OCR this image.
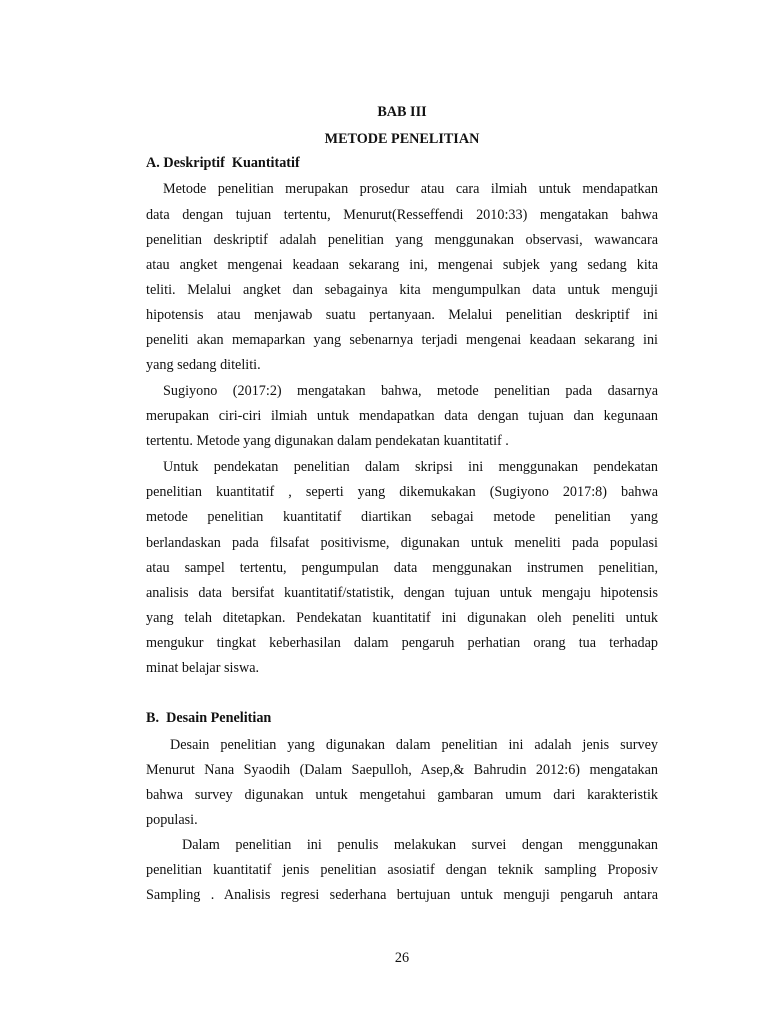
BAB III
METODE PENELITIAN
A. Deskriptif  Kuantitatif
Metode penelitian merupakan prosedur atau cara ilmiah untuk mendapatkan
data dengan tujuan tertentu, Menurut(Resseffendi 2010:33) mengatakan bahwa
penelitian deskriptif adalah penelitian yang menggunakan observasi, wawancara
atau angket mengenai keadaan sekarang ini, mengenai subjek yang sedang kita
teliti. Melalui angket dan sebagainya kita mengumpulkan data untuk menguji
hipotensis atau menjawab suatu pertanyaan. Melalui penelitian deskriptif ini
peneliti akan memaparkan yang sebenarnya terjadi mengenai keadaan sekarang ini
yang sedang diteliti.
Sugiyono (2017:2) mengatakan bahwa, metode penelitian pada dasarnya
merupakan ciri-ciri ilmiah untuk mendapatkan data dengan tujuan dan kegunaan
tertentu. Metode yang digunakan dalam pendekatan kuantitatif .
Untuk pendekatan penelitian dalam skripsi ini menggunakan pendekatan
penelitian kuantitatif , seperti yang dikemukakan (Sugiyono 2017:8) bahwa
metode penelitian kuantitatif diartikan sebagai metode penelitian yang
berlandaskan pada filsafat positivisme, digunakan untuk meneliti pada populasi
atau sampel tertentu, pengumpulan data menggunakan instrumen penelitian,
analisis data bersifat kuantitatif/statistik, dengan tujuan untuk mengaju hipotensis
yang telah ditetapkan. Pendekatan kuantitatif ini digunakan oleh peneliti untuk
mengukur tingkat keberhasilan dalam pengaruh perhatian orang tua terhadap
minat belajar siswa.
B.  Desain Penelitian
Desain penelitian yang digunakan dalam penelitian ini adalah jenis survey
Menurut Nana Syaodih (Dalam Saepulloh, Asep,& Bahrudin 2012:6) mengatakan
bahwa survey digunakan untuk mengetahui gambaran umum dari karakteristik
populasi.
Dalam penelitian ini penulis melakukan survei dengan menggunakan
penelitian kuantitatif jenis penelitian asosiatif dengan teknik sampling Proposiv
Sampling . Analisis regresi sederhana bertujuan untuk menguji pengaruh antara
26
